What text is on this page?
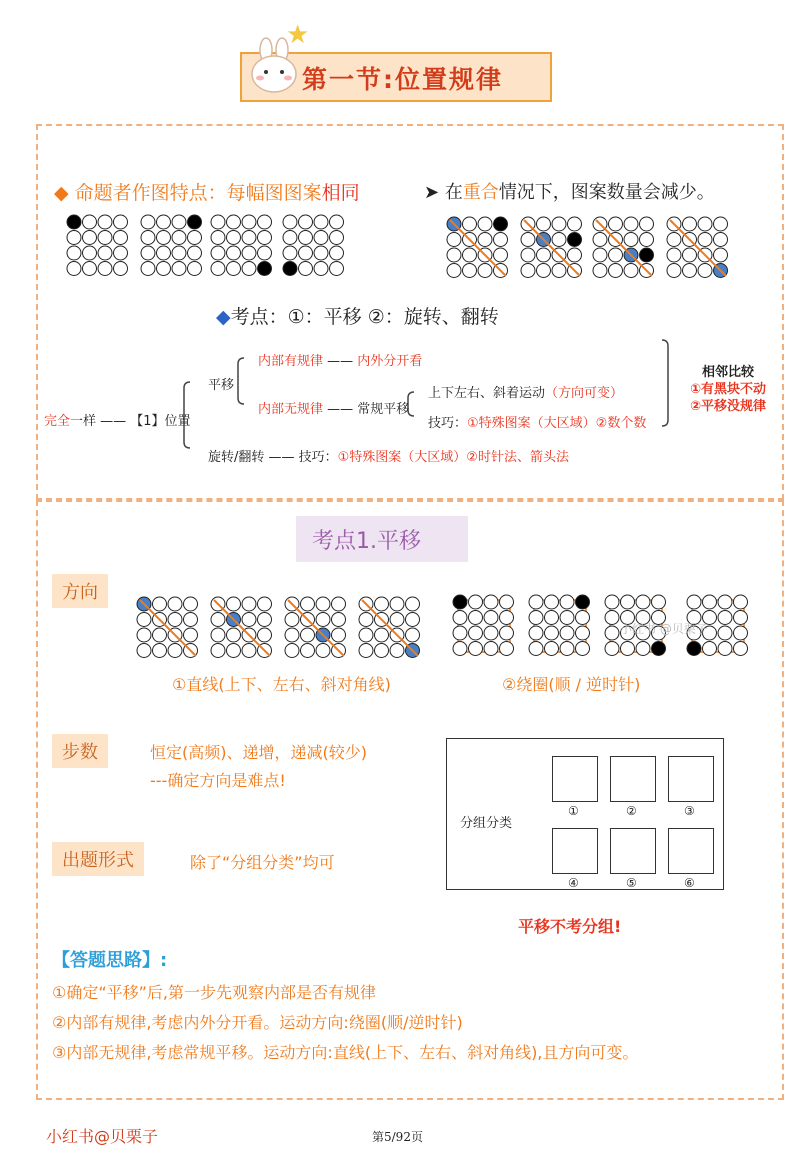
★
第一节:位置规律
◆ 命题者作图特点：每幅图图案相同	➤ 在重合情况下，图案数量会减少。
◆考点：①：平移 ②：旋转、翻转
完全一样 —— 【1】位置
平移
旋转/翻转 —— 技巧：①特殊图案（大区域）②时针法、箭头法
内部有规律 —— 内外分开看
内部无规律 —— 常规平移
上下左右、斜着运动（方向可变）
技巧：①特殊图案（大区域）②数个数
相邻比较
①有黑块不动
②平移没规律
考点1.平移
方向
小红书 @贝栗子
①直线(上下、左右、斜对角线)	②绕圈(顺 / 逆时针)
步数	恒定(高频)、递增，递减(较少)
---确定方向是难点!
出题形式	除了“分组分类”均可
分组分类
①	②	③
④	⑤	⑥
平移不考分组!
【答题思路】:
①确定“平移”后,第一步先观察内部是否有规律
②内部有规律,考虑内外分开看。运动方向:绕圈(顺/逆时针)
③内部无规律,考虑常规平移。运动方向:直线(上下、左右、斜对角线),且方向可变。
小红书@贝栗子	第5/92页
